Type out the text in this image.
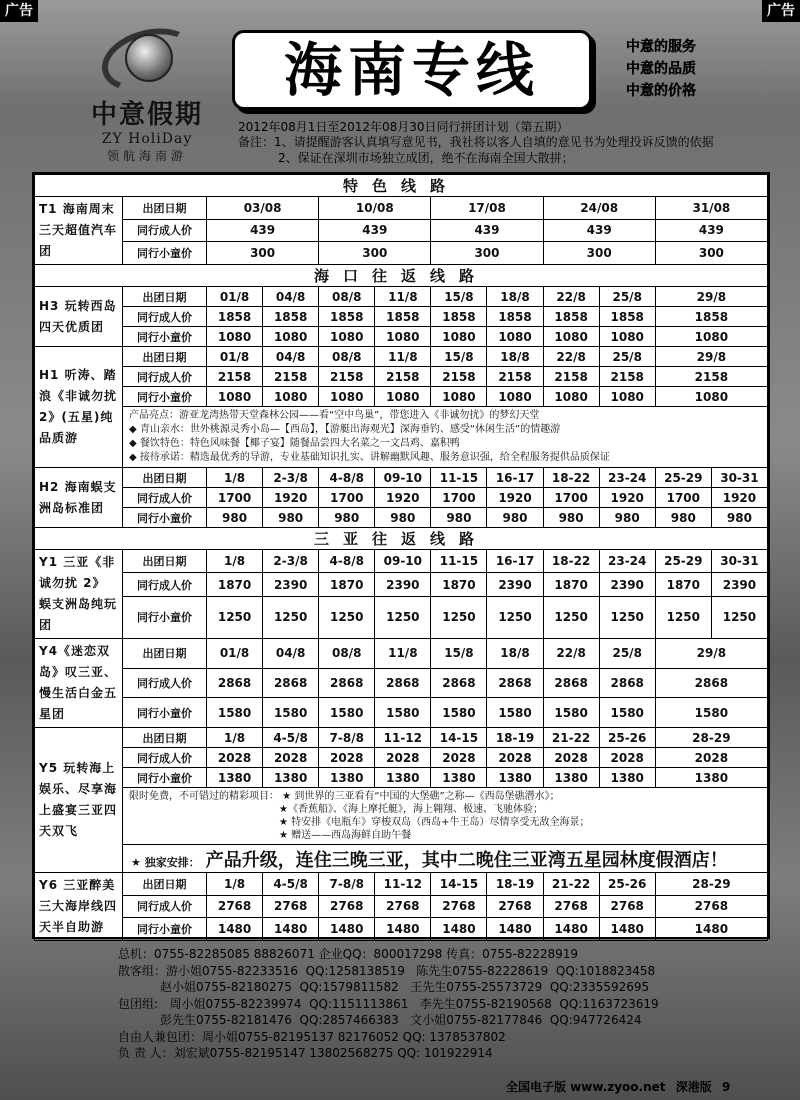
广告	广告
中意假期
ZY HoliDay
领航海南游
海南专线	中意的服务
中意的品质
中意的价格
2012年08月1日至2012年08月30日同行拼团计划（第五期）
备注：1、请提醒游客认真填写意见书，我社将以客人自填的意见书为处理投诉反馈的依据
2、保证在深圳市场独立成团，绝不在海南全国大散拼；
特色线路											
T1 海南周末三天超值汽车团	出团日期	03/08		10/08		17/08		24/08		31/08	
	同行成人价	439		439		439		439		439	
	同行小童价	300		300		300		300		300	
海口往返线路											
H3 玩转西岛四天优质团	出团日期	01/8	04/8	08/8	11/8	15/8	18/8	22/8	25/8	29/8	
	同行成人价	1858	1858	1858	1858	1858	1858	1858	1858	1858	
	同行小童价	1080	1080	1080	1080	1080	1080	1080	1080	1080	
H1 听涛、踏浪《非诚勿扰 2》(五星)纯品质游	出团日期	01/8	04/8	08/8	11/8	15/8	18/8	22/8	25/8	29/8	
	同行成人价	2158	2158	2158	2158	2158	2158	2158	2158	2158	
	同行小童价	1080	1080	1080	1080	1080	1080	1080	1080	1080	

	产品亮点：游亚龙湾热带天堂森林公园——看“空中鸟巢”，带您进入《非诚勿扰》的梦幻天堂
◆ 青山亲水：世外桃源灵秀小岛—【西岛】，【游艇出海观光】深海垂钓、感受“休闲生活”的情趣游
◆ 餐饮特色：特色风味餐【椰子宴】随餐品尝四大名菜之一文昌鸡、嘉积鸭
◆ 接待承诺：精选最优秀的导游，专业基础知识扎实、讲解幽默风趣、服务意识强，给全程服务提供品质保证										

H2 海南蜈支洲岛标准团	出团日期	1/8	2-3/8	4-8/8	09-10	11-15	16-17	18-22	23-24	25-29	30-31
	同行成人价	1700	1920	1700	1920	1700	1920	1700	1920	1700	1920
	同行小童价	980	980	980	980	980	980	980	980	980	980
三亚往返线路											
Y1 三亚《非诚勿扰 2》蜈支洲岛纯玩团	出团日期	1/8	2-3/8	4-8/8	09-10	11-15	16-17	18-22	23-24	25-29	30-31
	同行成人价	1870	2390	1870	2390	1870	2390	1870	2390	1870	2390
	同行小童价	1250	1250	1250	1250	1250	1250	1250	1250	1250	1250
Y4《迷恋双岛》叹三亚、慢生活白金五星团	出团日期	01/8	04/8	08/8	11/8	15/8	18/8	22/8	25/8	29/8	
	同行成人价	2868	2868	2868	2868	2868	2868	2868	2868	2868	
	同行小童价	1580	1580	1580	1580	1580	1580	1580	1580	1580	
Y5 玩转海上娱乐、尽享海上盛宴三亚四天双飞	出团日期	1/8	4-5/8	7-8/8	11-12	14-15	18-19	21-22	25-26	28-29	
	同行成人价	2028	2028	2028	2028	2028	2028	2028	2028	2028	
	同行小童价	1380	1380	1380	1380	1380	1380	1380	1380	1380	

	限时免费，不可错过的精彩项目： ★ 到世界的三亚看有“中国的大堡礁”之称—《西岛堡礁潜水》；
★《香蕉船》、《海上摩托艇》，海上翱翔、极速、飞驰体验；
★ 特安排《电瓶车》穿梭双岛（西岛+牛王岛）尽情享受无敌全海景；
★ 赠送——西岛海鲜自助午餐										

	★ 独家安排： 产品升级，连住三晚三亚，其中二晚住三亚湾五星园林度假酒店！										
Y6 三亚醉美三大海岸线四天半自助游	出团日期	1/8	4-5/8	7-8/8	11-12	14-15	18-19	21-22	25-26	28-29	
	同行成人价	2768	2768	2768	2768	2768	2768	2768	2768	2768	
	同行小童价	1480	1480	1480	1480	1480	1480	1480	1480	1480	
总机：0755-82285085 88826071 企业QQ：800017298 传真：0755-82228919
散客组：游小姐0755-82233516  QQ:1258138519   陈先生0755-82228619  QQ:1018823458
赵小姐0755-82180275  QQ:1579811582   王先生0755-25573729  QQ:2335592695
包团组:   周小姐0755-82239974  QQ:1151113861   李先生0755-82190568  QQ:1163723619
彭先生0755-82181476  QQ:2857466383   文小姐0755-82177846  QQ:947726424
自由人兼包团：周小姐0755-82195137 82176052 QQ: 1378537802
负 责 人：刘宏斌0755-82195147 13802568275 QQ: 101922914
全国电子版 www.zyoo.net 深港版 9
